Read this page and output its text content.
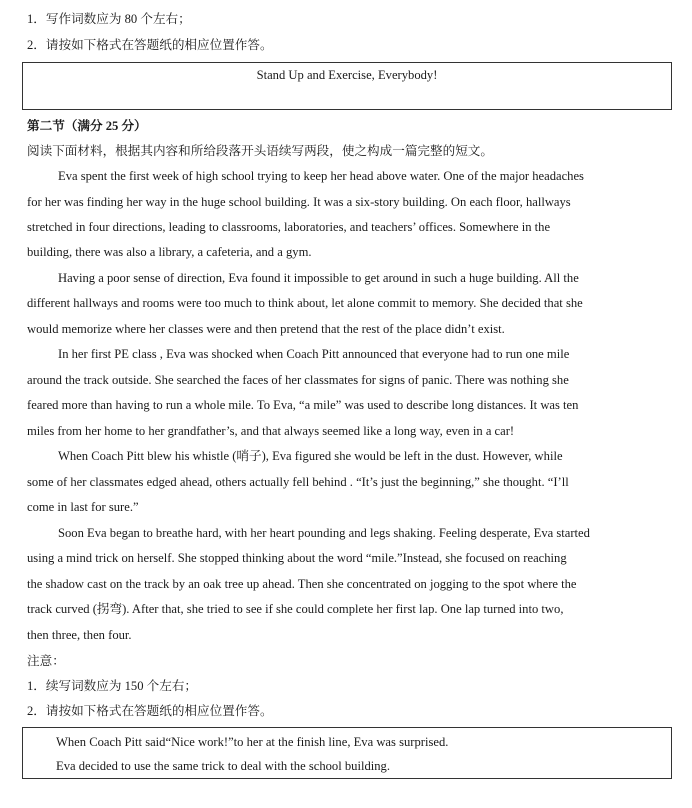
1．写作词数应为 80 个左右；
2．请按如下格式在答题纸的相应位置作答。
Stand Up and Exercise, Everybody!
第二节（满分 25 分）
阅读下面材料，根据其内容和所给段落开头语续写两段，使之构成一篇完整的短文。
Eva spent the first week of high school trying to keep her head above water. One of the major headaches
for her was finding her way in the huge school building. It was a six-story building. On each floor, hallways
stretched in four directions, leading to classrooms, laboratories, and teachers’ offices. Somewhere in the
building, there was also a library, a cafeteria, and a gym.
Having a poor sense of direction, Eva found it impossible to get around in such a huge building. All the
different hallways and rooms were too much to think about, let alone commit to memory. She decided that she
would memorize where her classes were and then pretend that the rest of the place didn’t exist.
In her first PE class , Eva was shocked when Coach Pitt announced that everyone had to run one mile
around the track outside. She searched the faces of her classmates for signs of panic. There was nothing she
feared more than having to run a whole mile. To Eva, “a mile” was used to describe long distances. It was ten
miles from her home to her grandfather’s, and that always seemed like a long way, even in a car!
When Coach Pitt blew his whistle (哨子), Eva figured she would be left in the dust. However, while
some of her classmates edged ahead, others actually fell behind . “It’s just the beginning,” she thought. “I’ll
come in last for sure.”
Soon Eva began to breathe hard, with her heart pounding and legs shaking. Feeling desperate, Eva started
using a mind trick on herself. She stopped thinking about the word “mile.”Instead, she focused on reaching
the shadow cast on the track by an oak tree up ahead. Then she concentrated on jogging to the spot where the
track curved (拐弯). After that, she tried to see if she could complete her first lap. One lap turned into two,
then three, then four.
注意：
1．续写词数应为 150 个左右；
2．请按如下格式在答题纸的相应位置作答。
When Coach Pitt said“Nice work!”to her at the finish line, Eva was surprised.
Eva decided to use the same trick to deal with the school building.
